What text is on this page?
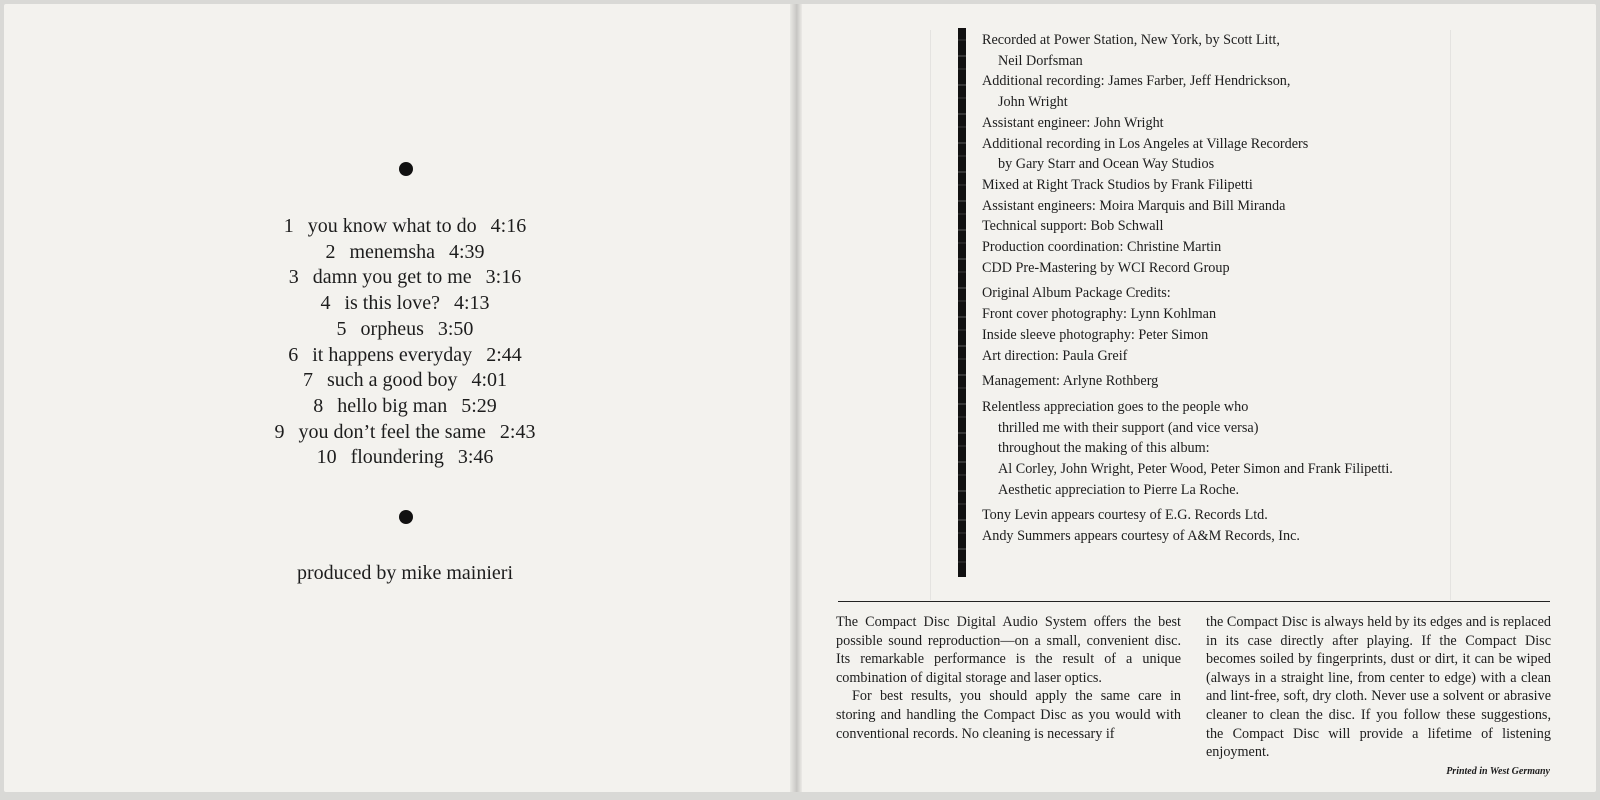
1 you know what to do 4:16
2 menemsha 4:39
3 damn you get to me 3:16
4 is this love? 4:13
5 orpheus 3:50
6 it happens everyday 2:44
7 such a good boy 4:01
8 hello big man 5:29
9 you don’t feel the same 2:43
10 floundering 3:46
produced by mike mainieri
Recorded at Power Station, New York, by Scott Litt,
Neil Dorfsman
Additional recording: James Farber, Jeff Hendrickson,
John Wright
Assistant engineer: John Wright
Additional recording in Los Angeles at Village Recorders
by Gary Starr and Ocean Way Studios
Mixed at Right Track Studios by Frank Filipetti
Assistant engineers: Moira Marquis and Bill Miranda
Technical support: Bob Schwall
Production coordination: Christine Martin
CDD Pre-Mastering by WCI Record Group
Original Album Package Credits:
Front cover photography: Lynn Kohlman
Inside sleeve photography: Peter Simon
Art direction: Paula Greif
Management: Arlyne Rothberg
Relentless appreciation goes to the people who
thrilled me with their support (and vice versa)
throughout the making of this album:
Al Corley, John Wright, Peter Wood, Peter Simon and Frank Filipetti.
Aesthetic appreciation to Pierre La Roche.
Tony Levin appears courtesy of E.G. Records Ltd.
Andy Summers appears courtesy of A&M Records, Inc.

The Compact Disc Digital Audio System offers the best possible sound reproduction—on a small, convenient disc. Its remarkable performance is the result of a unique combination of digital storage and laser optics.

For best results, you should apply the same care in storing and handling the Compact Disc as you would with conventional records. No cleaning is necessary if

the Compact Disc is always held by its edges and is replaced in its case directly after playing. If the Compact Disc becomes soiled by fingerprints, dust or dirt, it can be wiped (always in a straight line, from center to edge) with a clean and lint-free, soft, dry cloth. Never use a solvent or abrasive cleaner to clean the disc. If you follow these suggestions, the Compact Disc will provide a lifetime of listening enjoyment.

Printed in West Germany
